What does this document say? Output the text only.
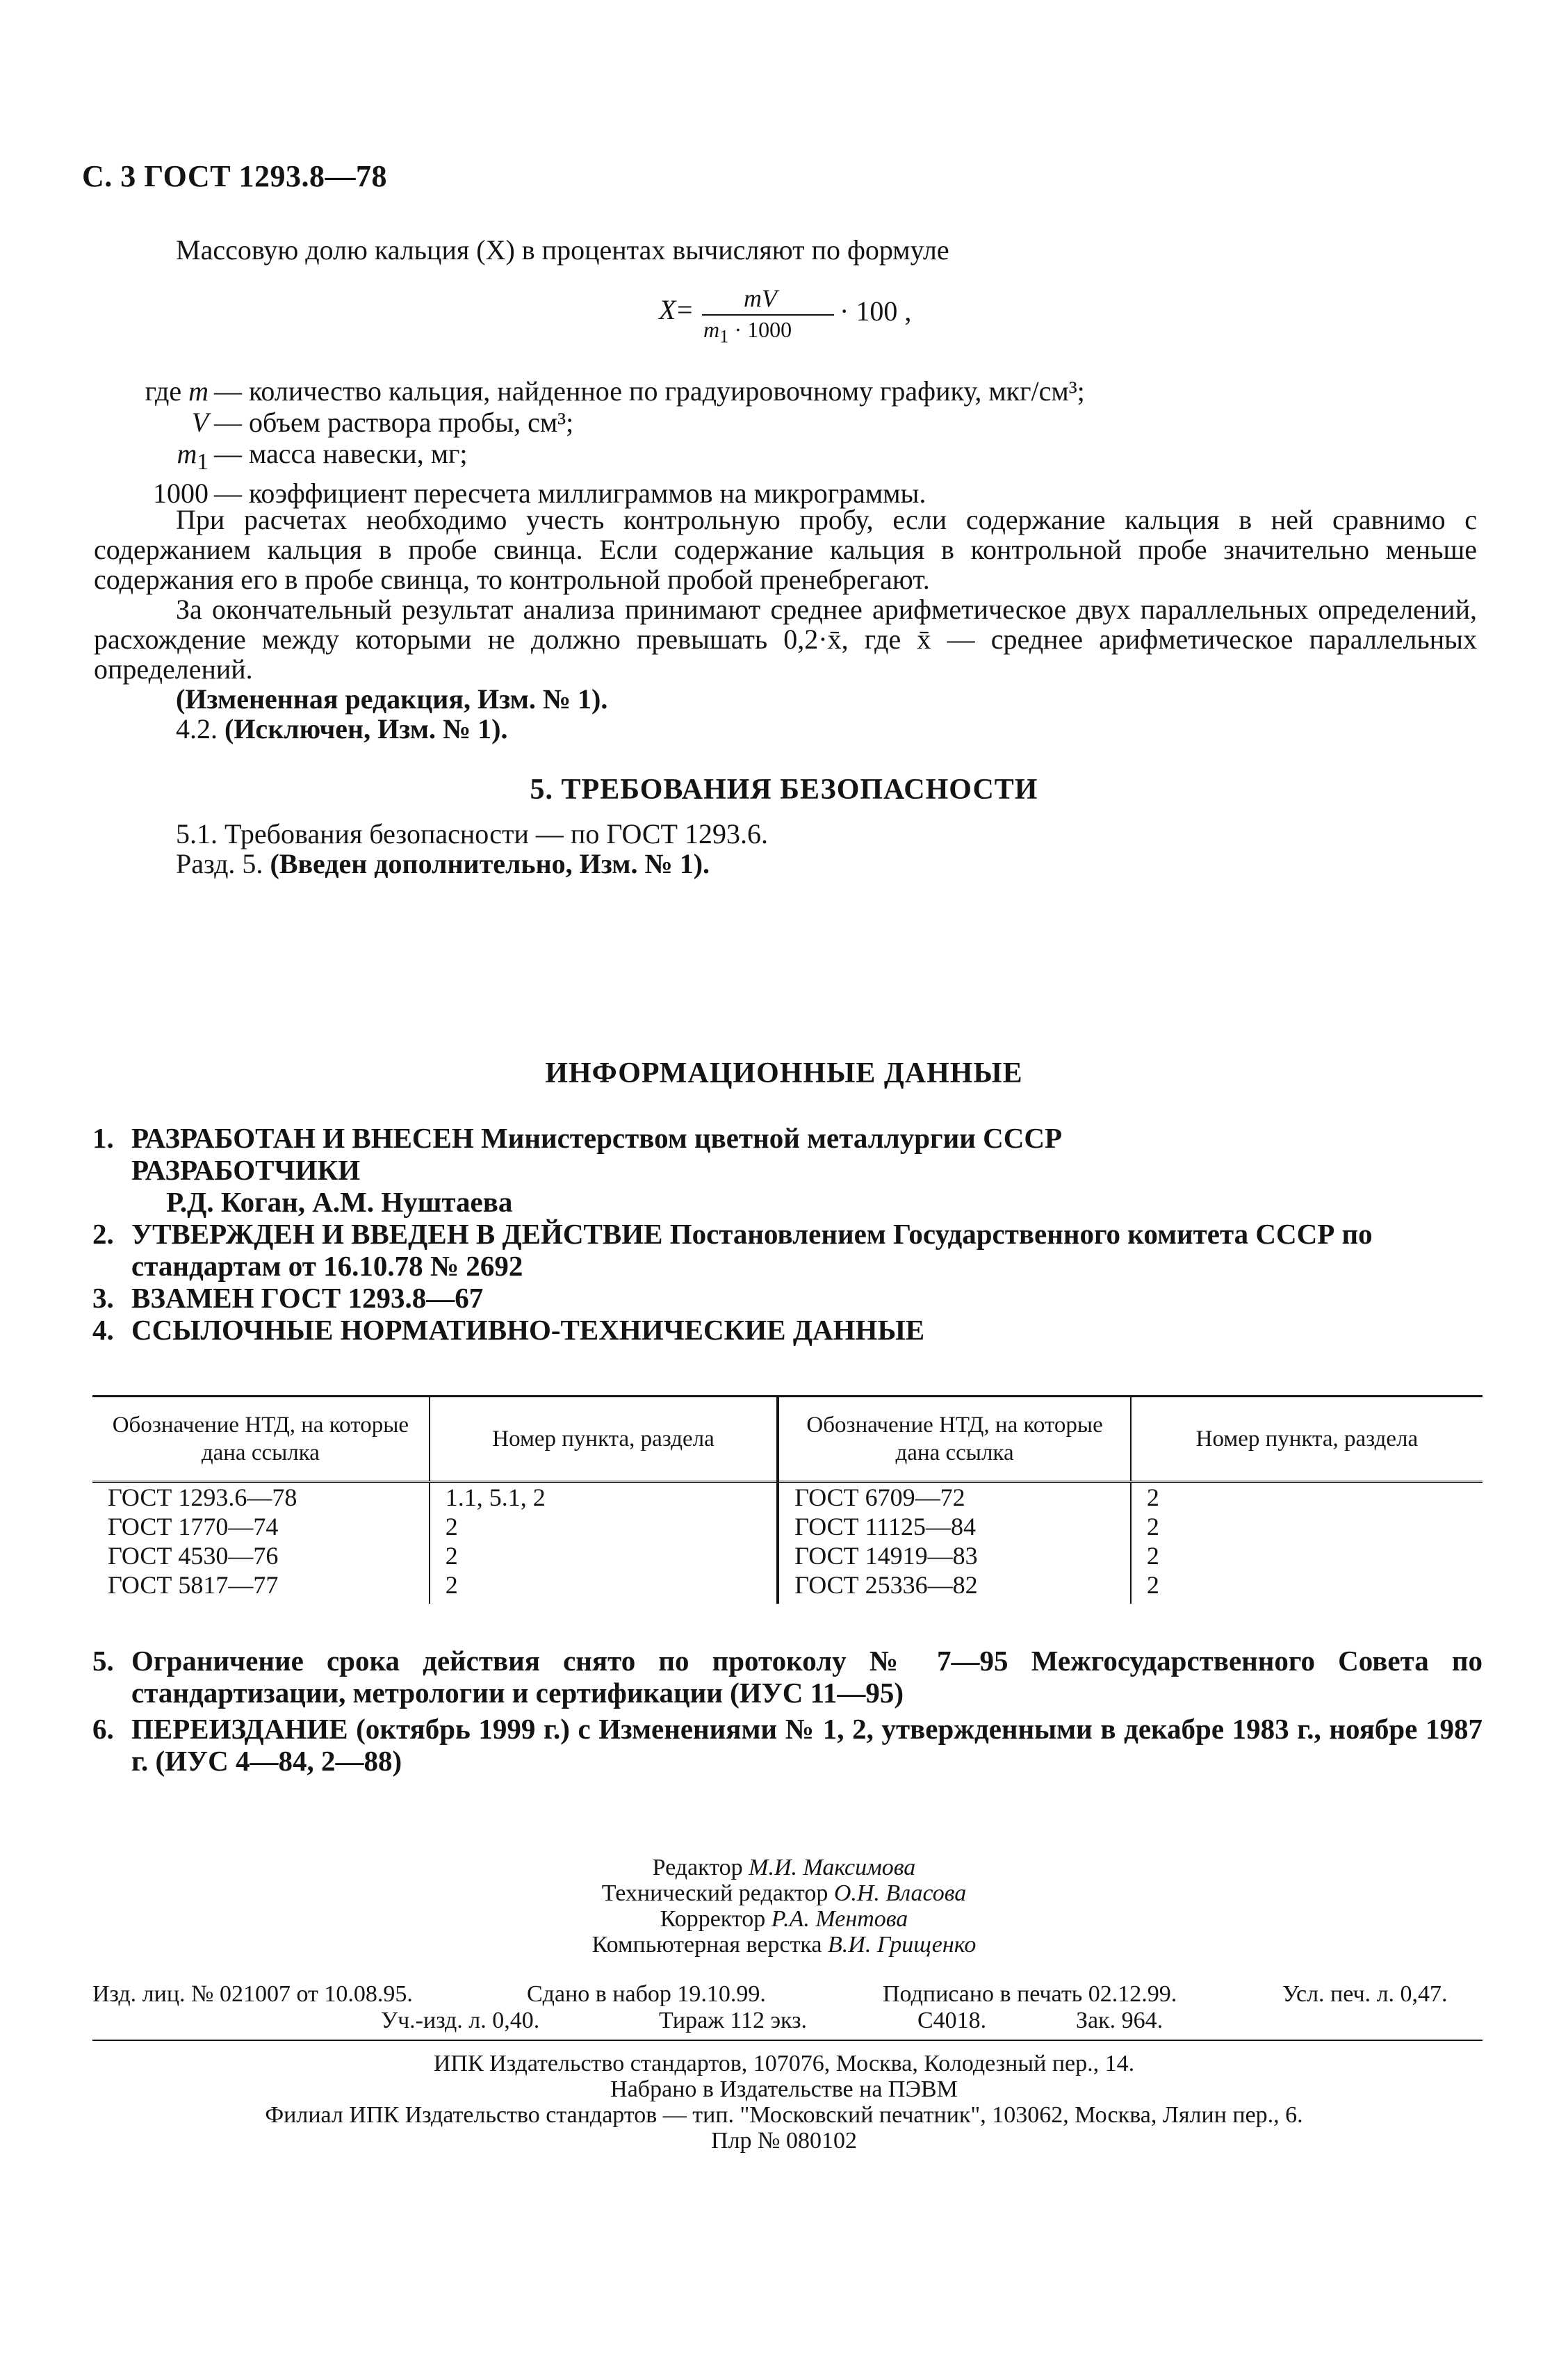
С. 3 ГОСТ 1293.8—78

Массовую долю кальция (X) в процентах вычисляют по формуле

X = mV
$m_1 \cdot 1000$
· 100 ,
где m — количество кальция, найденное по градуировочному графику, мкг/см³;
V — объем раствора пробы, см³;
$m_1$ — масса навески, мг;
1000 — коэффициент пересчета миллиграммов на микрограммы.

При расчетах необходимо учесть контрольную пробу, если содержание кальция в ней сравнимо с содержанием кальция в пробе свинца. Если содержание кальция в контрольной пробе значительно меньше содержания его в пробе свинца, то контрольной пробой пренебрегают.

За окончательный результат анализа принимают среднее арифметическое двух параллельных определений, расхождение между которыми не должно превышать 0,2·x̄, где x̄ — среднее арифметическое параллельных определений.

(Измененная редакция, Изм. № 1).

4.2. (Исключен, Изм. № 1).

5. ТРЕБОВАНИЯ БЕЗОПАСНОСТИ

5.1. Требования безопасности — по ГОСТ 1293.6.

Разд. 5. (Введен дополнительно, Изм. № 1).

ИНФОРМАЦИОННЫЕ ДАННЫЕ
1. РАЗРАБОТАН И ВНЕСЕН Министерством цветной металлургии СССР
РАЗРАБОТЧИКИ
Р.Д. Коган, А.М. Нуштаева
2. УТВЕРЖДЕН И ВВЕДЕН В ДЕЙСТВИЕ Постановлением Государственного комитета СССР по стандартам от 16.10.78 № 2692
3. ВЗАМЕН ГОСТ 1293.8—67
4. ССЫЛОЧНЫЕ НОРМАТИВНО-ТЕХНИЧЕСКИЕ ДАННЫЕ
Обозначение НТД, на которые дана ссылка	Номер пункта, раздела	Обозначение НТД, на которые дана ссылка	Номер пункта, раздела
ГОСТ 1293.6—78	1.1, 5.1, 2	ГОСТ 6709—72	2
ГОСТ 1770—74	2	ГОСТ 11125—84	2
ГОСТ 4530—76	2	ГОСТ 14919—83	2
ГОСТ 5817—77	2	ГОСТ 25336—82	2
5. Ограничение срока действия снято по протоколу № 7—95 Межгосударственного Совета по стандартизации, метрологии и сертификации (ИУС 11—95)
6. ПЕРЕИЗДАНИЕ (октябрь 1999 г.) с Изменениями № 1, 2, утвержденными в декабре 1983 г., ноябре 1987 г. (ИУС 4—84, 2—88)
Редактор М.И. Максимова
Технический редактор О.Н. Власова
Корректор Р.А. Ментова
Компьютерная верстка В.И. Грищенко
Изд. лиц. № 021007 от 10.08.95.	Сдано в набор 19.10.99.	Подписано в печать 02.12.99.	Усл. печ. л. 0,47.
Уч.-изд. л. 0,40.	Тираж 112 экз.	С4018.	Зак. 964.
ИПК Издательство стандартов, 107076, Москва, Колодезный пер., 14.
Набрано в Издательстве на ПЭВМ
Филиал ИПК Издательство стандартов — тип. "Московский печатник", 103062, Москва, Лялин пер., 6.
Плр № 080102
